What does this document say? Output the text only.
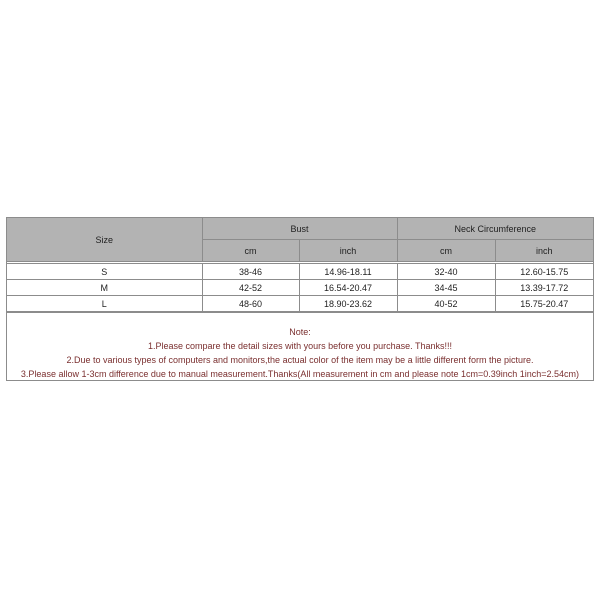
Size	Bust		Neck Circumference	
	cm	inch	cm	inch

S	38-46	14.96-18.11	32-40	12.60-15.75
M	42-52	16.54-20.47	34-45	13.39-17.72
L	48-60	18.90-23.62	40-52	15.75-20.47
Note:
1.Please compare the detail sizes with yours before you purchase. Thanks!!!
2.Due to various types of computers and monitors,the actual color of the item may be a little different form the picture.
3.Please allow 1-3cm difference due to manual measurement.Thanks(All measurement in cm and please note 1cm=0.39inch 1inch=2.54cm)
